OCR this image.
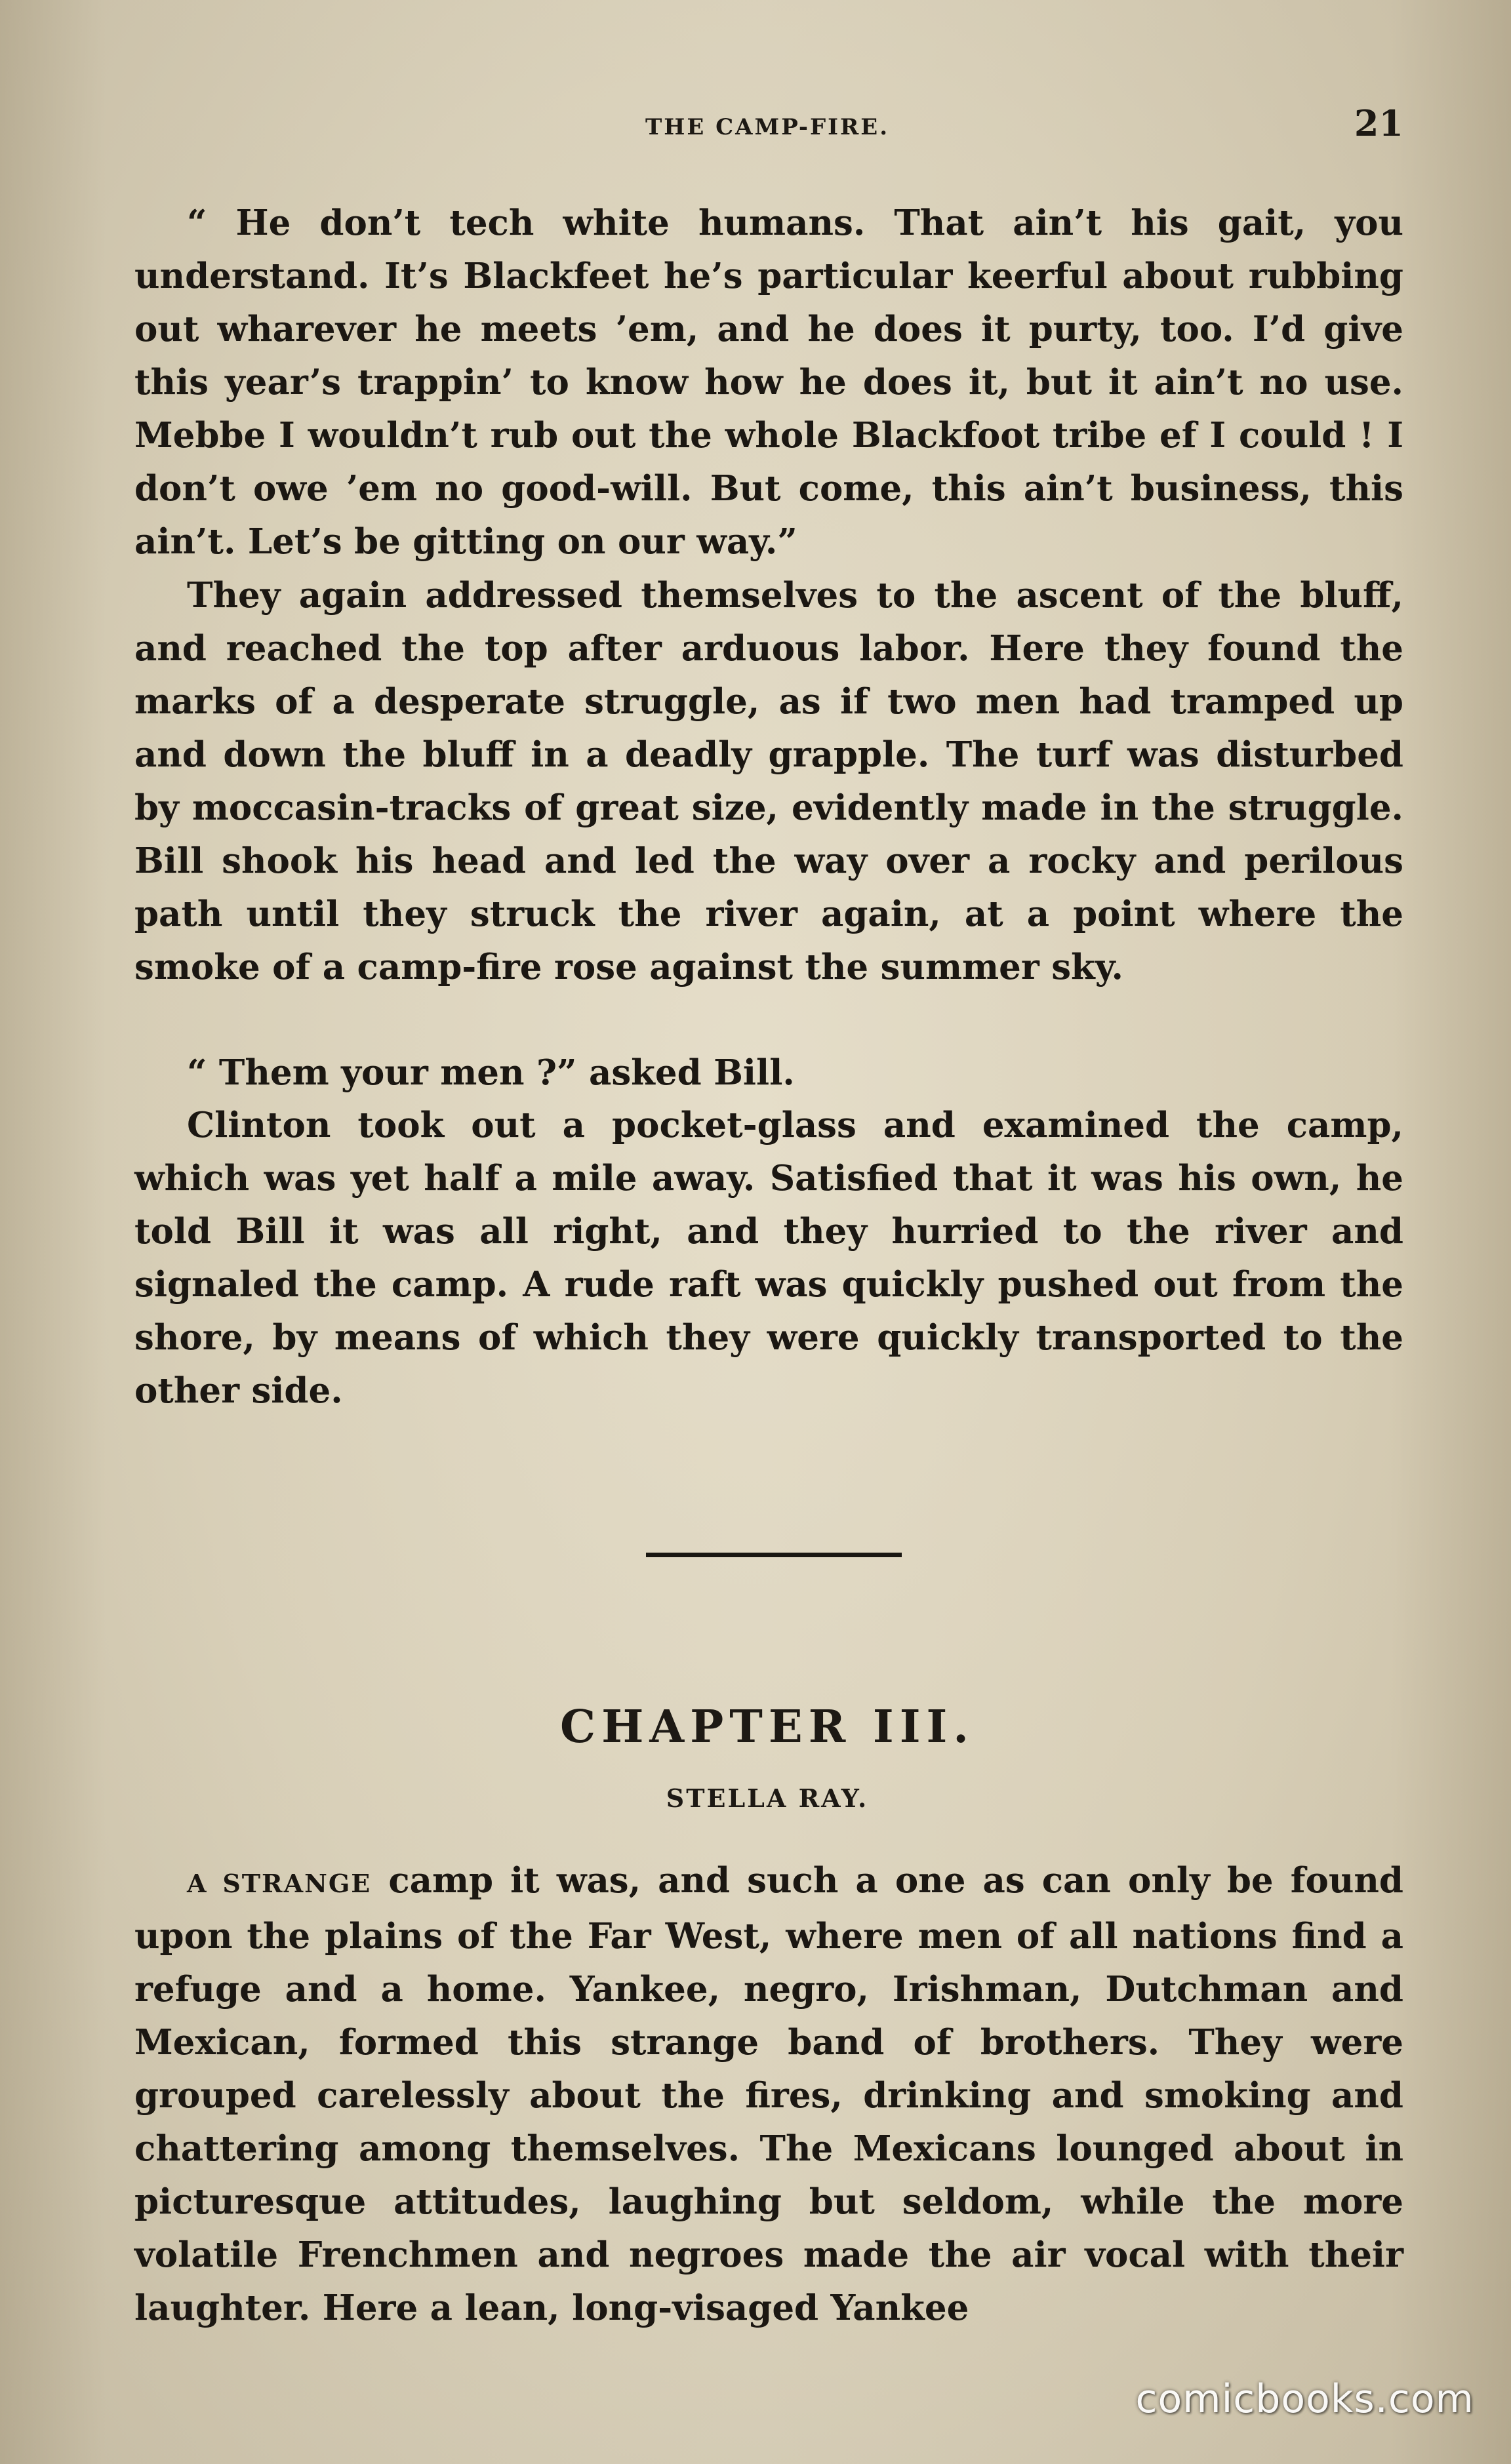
THE CAMP-FIRE.	21

“ He don’t tech white humans. That ain’t his gait, you understand. It’s Blackfeet he’s particular keerful about rubbing out wharever he meets ’em, and he does it purty, too. I’d give this year’s trappin’ to know how he does it, but it ain’t no use. Mebbe I wouldn’t rub out the whole Blackfoot tribe ef I could ! I don’t owe ’em no good-will. But come, this ain’t business, this ain’t. Let’s be gitting on our way.”

They again addressed themselves to the ascent of the bluff, and reached the top after arduous labor. Here they found the marks of a desperate struggle, as if two men had tramped up and down the bluff in a deadly grapple. The turf was disturbed by moccasin-tracks of great size, evidently made in the struggle. Bill shook his head and led the way over a rocky and perilous path until they struck the river again, at a point where the smoke of a camp-fire rose against the summer sky.

“ Them your men ?” asked Bill.

Clinton took out a pocket-glass and examined the camp, which was yet half a mile away. Satisfied that it was his own, he told Bill it was all right, and they hurried to the river and signaled the camp. A rude raft was quickly pushed out from the shore, by means of which they were quickly transported to the other side.

CHAPTER III.
STELLA RAY.

A STRANGE camp it was, and such a one as can only be found upon the plains of the Far West, where men of all nations find a refuge and a home. Yankee, negro, Irishman, Dutchman and Mexican, formed this strange band of brothers. They were grouped carelessly about the fires, drinking and smoking and chattering among themselves. The Mexicans lounged about in picturesque attitudes, laughing but seldom, while the more volatile Frenchmen and negroes made the air vocal with their laughter. Here a lean, long-visaged Yankee

comicbooks.com
